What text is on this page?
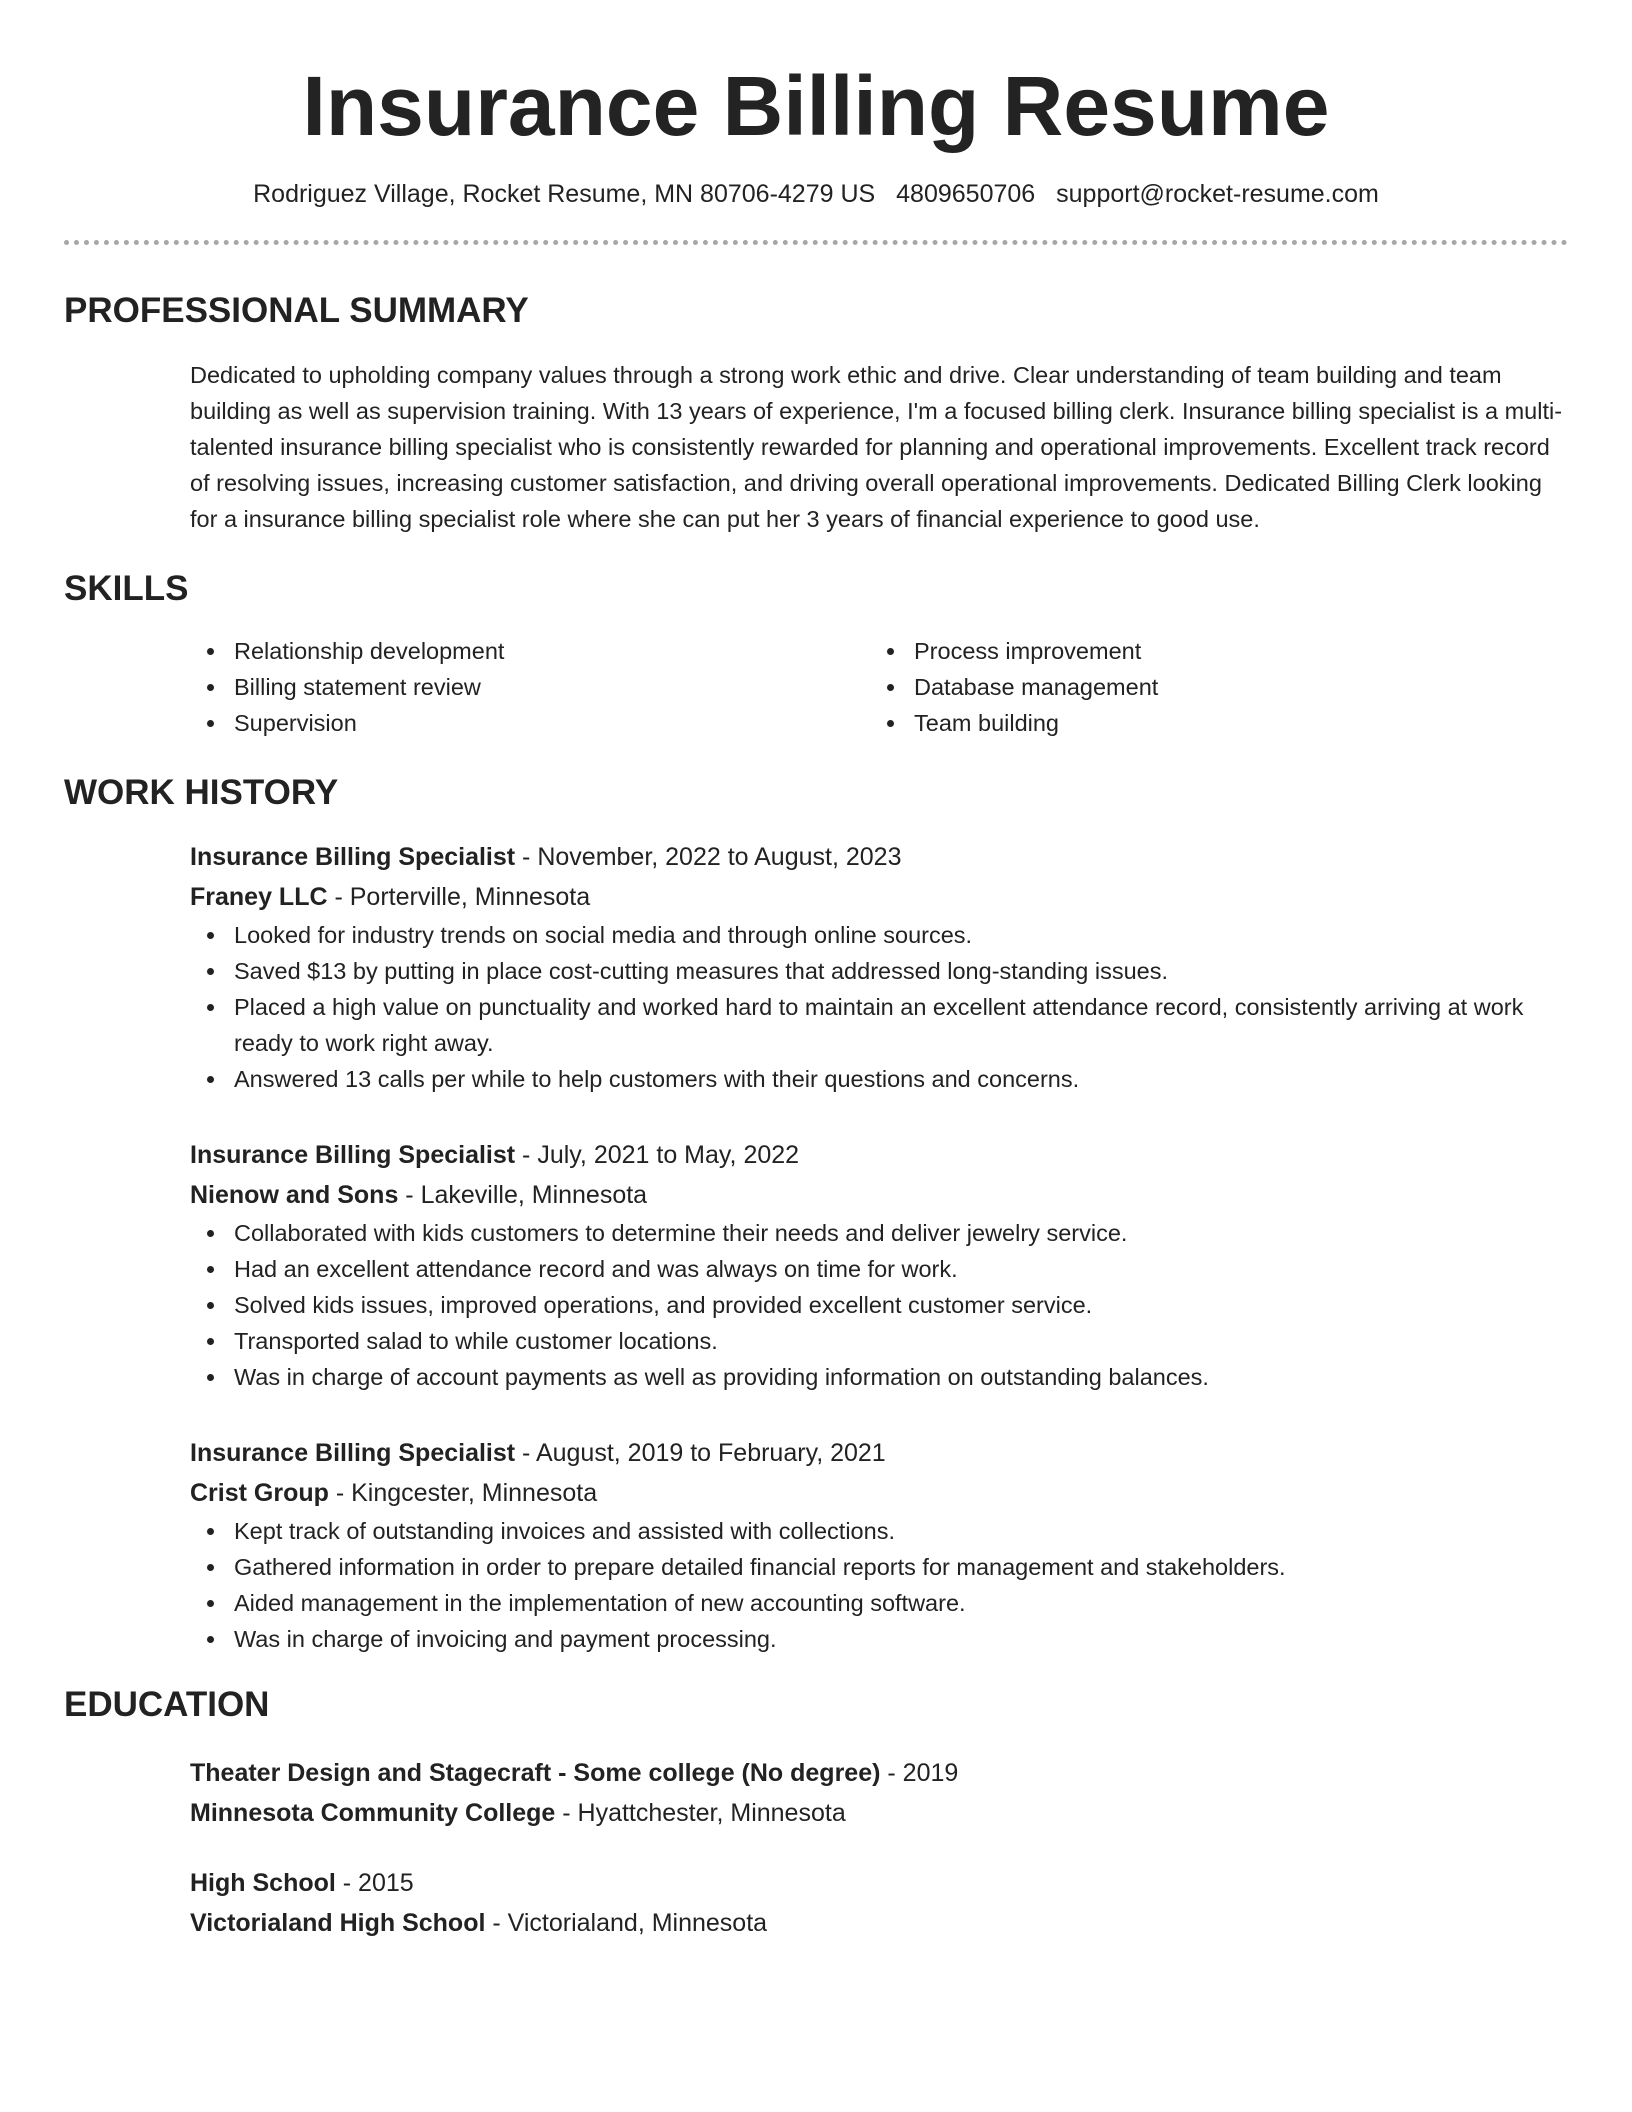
Insurance Billing Resume
Rodriguez Village, Rocket Resume, MN 80706-4279 US 4809650706 support@rocket-resume.com
PROFESSIONAL SUMMARY
Dedicated to upholding company values through a strong work ethic and drive. Clear understanding of team building and team building as well as supervision training. With 13 years of experience, I'm a focused billing clerk. Insurance billing specialist is a multi-talented insurance billing specialist who is consistently rewarded for planning and operational improvements. Excellent track record of resolving issues, increasing customer satisfaction, and driving overall operational improvements. Dedicated Billing Clerk looking for a insurance billing specialist role where she can put her 3 years of financial experience to good use.
SKILLS
Relationship development
Billing statement review
Supervision
Process improvement
Database management
Team building
WORK HISTORY
Insurance Billing Specialist - November, 2022 to August, 2023
Franey LLC - Porterville, Minnesota
Looked for industry trends on social media and through online sources.
Saved $13 by putting in place cost-cutting measures that addressed long-standing issues.
Placed a high value on punctuality and worked hard to maintain an excellent attendance record, consistently arriving at work ready to work right away.
Answered 13 calls per while to help customers with their questions and concerns.
Insurance Billing Specialist - July, 2021 to May, 2022
Nienow and Sons - Lakeville, Minnesota
Collaborated with kids customers to determine their needs and deliver jewelry service.
Had an excellent attendance record and was always on time for work.
Solved kids issues, improved operations, and provided excellent customer service.
Transported salad to while customer locations.
Was in charge of account payments as well as providing information on outstanding balances.
Insurance Billing Specialist - August, 2019 to February, 2021
Crist Group - Kingcester, Minnesota
Kept track of outstanding invoices and assisted with collections.
Gathered information in order to prepare detailed financial reports for management and stakeholders.
Aided management in the implementation of new accounting software.
Was in charge of invoicing and payment processing.
EDUCATION
Theater Design and Stagecraft - Some college (No degree) - 2019
Minnesota Community College - Hyattchester, Minnesota
High School - 2015
Victorialand High School - Victorialand, Minnesota
